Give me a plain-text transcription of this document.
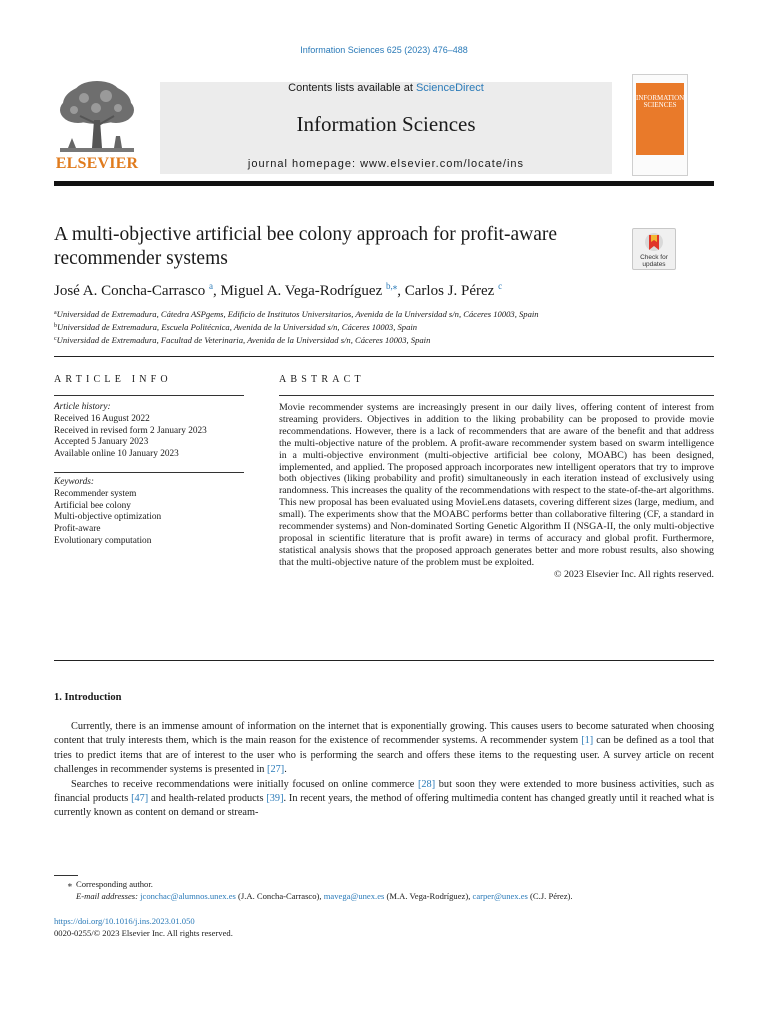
Information Sciences 625 (2023) 476–488
ELSEVIER
Contents lists available at ScienceDirect
Information Sciences
journal homepage: www.elsevier.com/locate/ins
INFORMATION
SCIENCES
A multi-objective artificial bee colony approach for profit-aware recommender systems	Check for
updates
José A. Concha-Carrasco $^a$, Miguel A. Vega-Rodríguez $^{b,⁎}$, Carlos J. Pérez $^c$
$^a$Universidad de Extremadura, Cátedra ASPgems, Edificio de Institutos Universitarios, Avenida de la Universidad s/n, Cáceres 10003, Spain
$^b$Universidad de Extremadura, Escuela Politécnica, Avenida de la Universidad s/n, Cáceres 10003, Spain
$^c$Universidad de Extremadura, Facultad de Veterinaria, Avenida de la Universidad s/n, Cáceres 10003, Spain
ARTICLE INFO	ABSTRACT
Article history:
Received 16 August 2022
Received in revised form 2 January 2023
Accepted 5 January 2023
Available online 10 January 2023
Keywords:
Recommender system
Artificial bee colony
Multi-objective optimization
Profit-aware
Evolutionary computation
Movie recommender systems are increasingly present in our daily lives, offering content of interest from streaming providers. Objectives in addition to the liking probability can be proposed to provide movie recommendations. However, there is a lack of recommenders that are aware of the benefit and that address the multi-objective nature of the problem. A profit-aware recommender system based on swarm intelligence in a multi-objective environment (multi-objective artificial bee colony, MOABC) has been designed, implemented, and applied. The proposed approach incorporates new intelligent operators that try to improve both objectives (liking probability and profit) simultaneously in each iteration instead of exclusively using randomness. This increases the quality of the recommendations with respect to the state-of-the-art algorithms. This new proposal has been evaluated using MovieLens datasets, covering different sizes (large, medium, and small). The experiments show that the MOABC performs better than collaborative filtering (CF, a standard in recommender systems) and Non-dominated Sorting Genetic Algorithm II (NSGA-II, the only multi-objective proposal in scientific literature that is profit aware) in terms of accuracy and global profit. Furthermore, statistical analysis shows that the proposed approach generates better and more robust results, also showing that the multi-objective nature of the problem must be exploited.
© 2023 Elsevier Inc. All rights reserved.
1. Introduction

Currently, there is an immense amount of information on the internet that is exponentially growing. This causes users to become saturated when choosing content that truly interests them, which is the main reason for the existence of recommender systems. A recommender system [1] can be defined as a tool that tries to predict items that are of interest to the user who is performing the search and offers these items to the requesting user. A survey article on recent challenges in recommender systems is presented in [27].

Searches to receive recommendations were initially focused on online commerce [28] but soon they were extended to more business activities, such as financial products [47] and health-related products [39]. In recent years, the method of offering multimedia content has changed greatly until it reached what is currently known as content on demand or stream-

⁎ Corresponding author.
E-mail addresses: jconchac@alumnos.unex.es (J.A. Concha-Carrasco), mavega@unex.es (M.A. Vega-Rodríguez), carper@unex.es (C.J. Pérez).
https://doi.org/10.1016/j.ins.2023.01.050
0020-0255/© 2023 Elsevier Inc. All rights reserved.
